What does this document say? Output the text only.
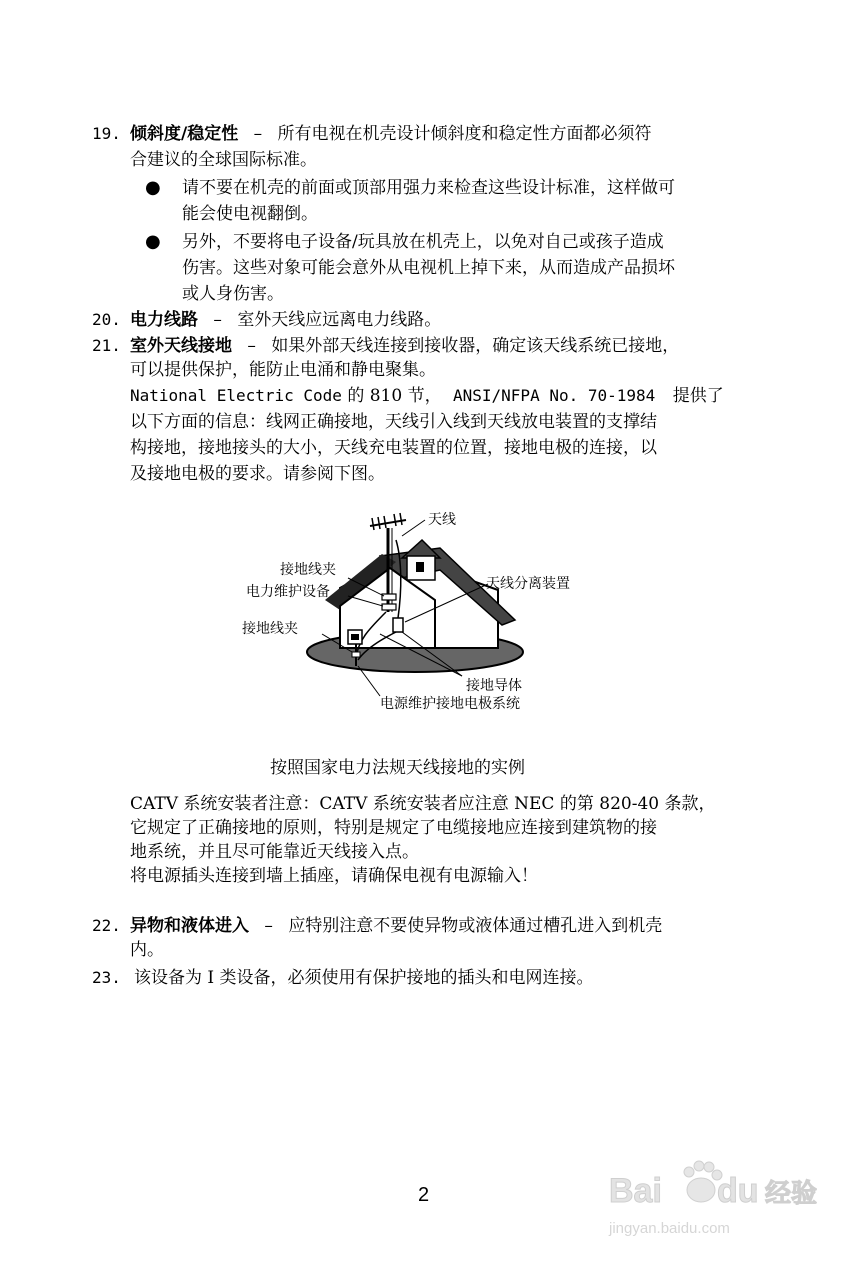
19. 倾斜度/稳定性 – 所有电视在机壳设计倾斜度和稳定性方面都必须符
合建议的全球国际标准。
● 请不要在机壳的前面或顶部用强力来检查这些设计标准，这样做可
能会使电视翻倒。
● 另外，不要将电子设备/玩具放在机壳上，以免对自己或孩子造成
伤害。这些对象可能会意外从电视机上掉下来，从而造成产品损坏
或人身伤害。
20. 电力线路 – 室外天线应远离电力线路。
21. 室外天线接地 – 如果外部天线连接到接收器，确定该天线系统已接地，
可以提供保护，能防止电涌和静电聚集。
National Electric Code 的 810 节， ANSI/NFPA No. 70-1984 提供了
以下方面的信息：线网正确接地，天线引入线到天线放电装置的支撑结
构接地，接地接头的大小，天线充电装置的位置，接地电极的连接，以
及接地电极的要求。请参阅下图。
天线
接地线夹
电力维护设备	天线分离装置
接地线夹
接地导体
电源维护接地电极系统
按照国家电力法规天线接地的实例
CATV 系统安装者注意：CATV 系统安装者应注意 NEC 的第 820-40 条款，
它规定了正确接地的原则，特别是规定了电缆接地应连接到建筑物的接
地系统，并且尽可能靠近天线接入点。
将电源插头连接到墙上插座，请确保电视有电源输入！
22. 异物和液体进入 – 应特别注意不要使异物或液体通过槽孔进入到机壳
内。
23. 该设备为 I 类设备，必须使用有保护接地的插头和电网连接。
2	Bai du 经验
jingyan.baidu.com
